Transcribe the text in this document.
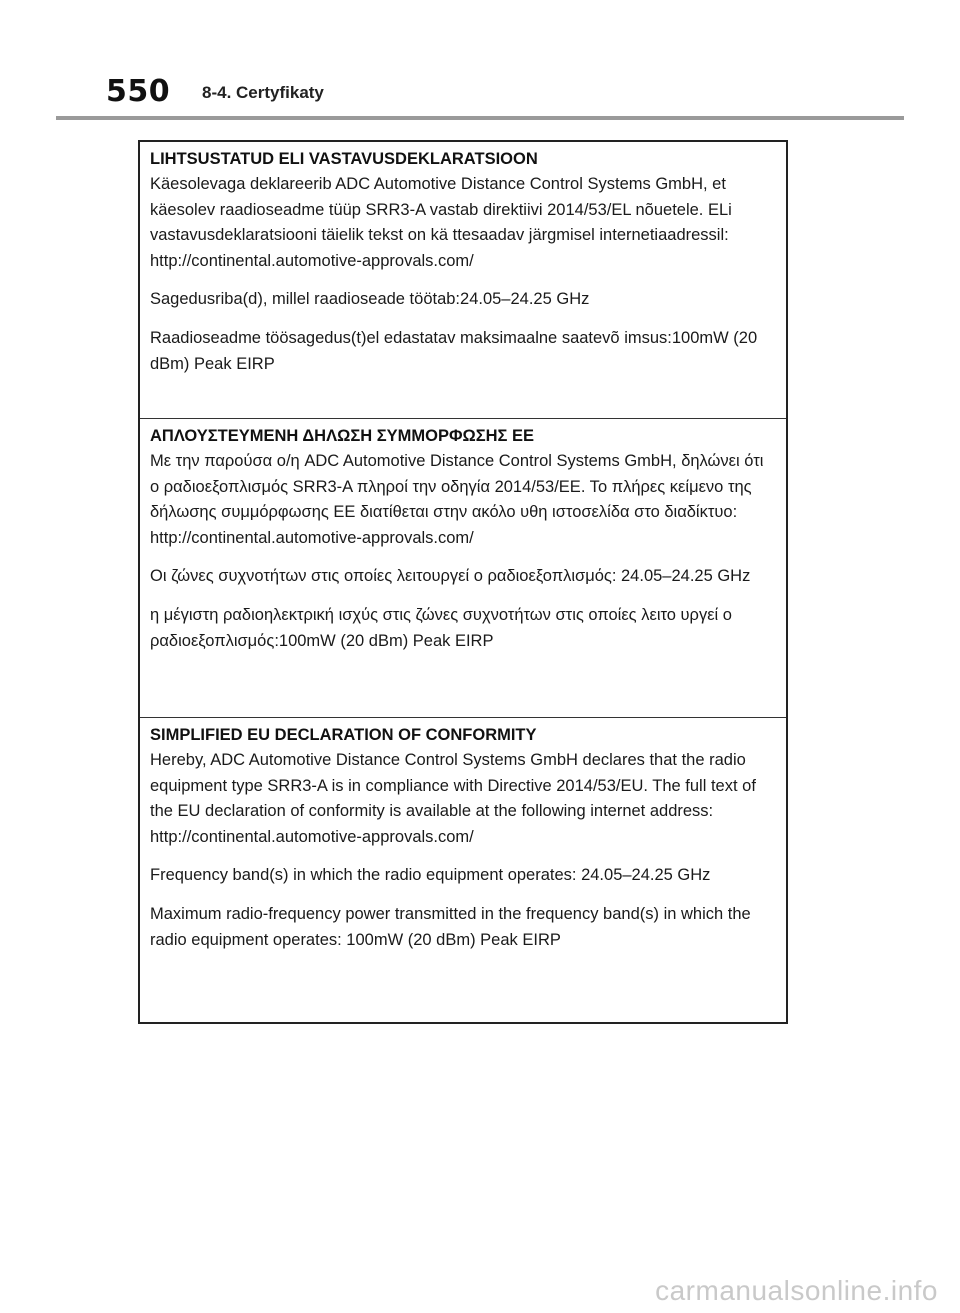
550 8-4. Certyfikaty

LIHTSUSTATUD ELI VASTAVUSDEKLARATSIOON

Käesolevaga deklareerib ADC Automotive Distance Control Systems GmbH, et käesolev raadioseadme tüüp SRR3-A vastab direktiivi 2014/53/EL nõuetele. ELi vastavusdeklaratsiooni täielik tekst on kä ttesaadav järgmisel internetiaadressil:

http://continental.automotive-approvals.com/

Sagedusriba(d), millel raadioseade töötab:24.05–24.25 GHz

Raadioseadme töösagedus(t)el edastatav maksimaalne saatevõ imsus:100mW (20 dBm) Peak EIRP

ΑΠΛΟΥΣΤΕΥΜΕΝΗ ΔΗΛΩΣΗ ΣΥΜΜΟΡΦΩΣΗΣ ΕΕ

Με την παρούσα ο/η ADC Automotive Distance Control Systems GmbH, δηλώνει ότι ο ραδιοεξοπλισμός SRR3-A πληροί την οδηγία 2014/53/ΕΕ. Το πλήρες κείμενο της δήλωσης συμμόρφωσης ΕΕ διατίθεται στην ακόλο υθη ιστοσελίδα στο διαδίκτυο:

http://continental.automotive-approvals.com/

Οι ζώνες συχνοτήτων στις οποίες λειτουργεί ο ραδιοεξοπλισμός: 24.05–24.25 GHz

η μέγιστη ραδιοηλεκτρική ισχύς στις ζώνες συχνοτήτων στις οποίες λειτο υργεί ο ραδιοεξοπλισμός:100mW (20 dBm) Peak EIRP

SIMPLIFIED EU DECLARATION OF CONFORMITY

Hereby, ADC Automotive Distance Control Systems GmbH declares that the radio equipment type SRR3-A is in compliance with Directive 2014/53/EU. The full text of the EU declaration of conformity is available at the following internet address:

http://continental.automotive-approvals.com/

Frequency band(s) in which the radio equipment operates: 24.05–24.25 GHz

Maximum radio-frequency power transmitted in the frequency band(s) in which the radio equipment operates: 100mW (20 dBm) Peak EIRP

carmanualsonline.info
